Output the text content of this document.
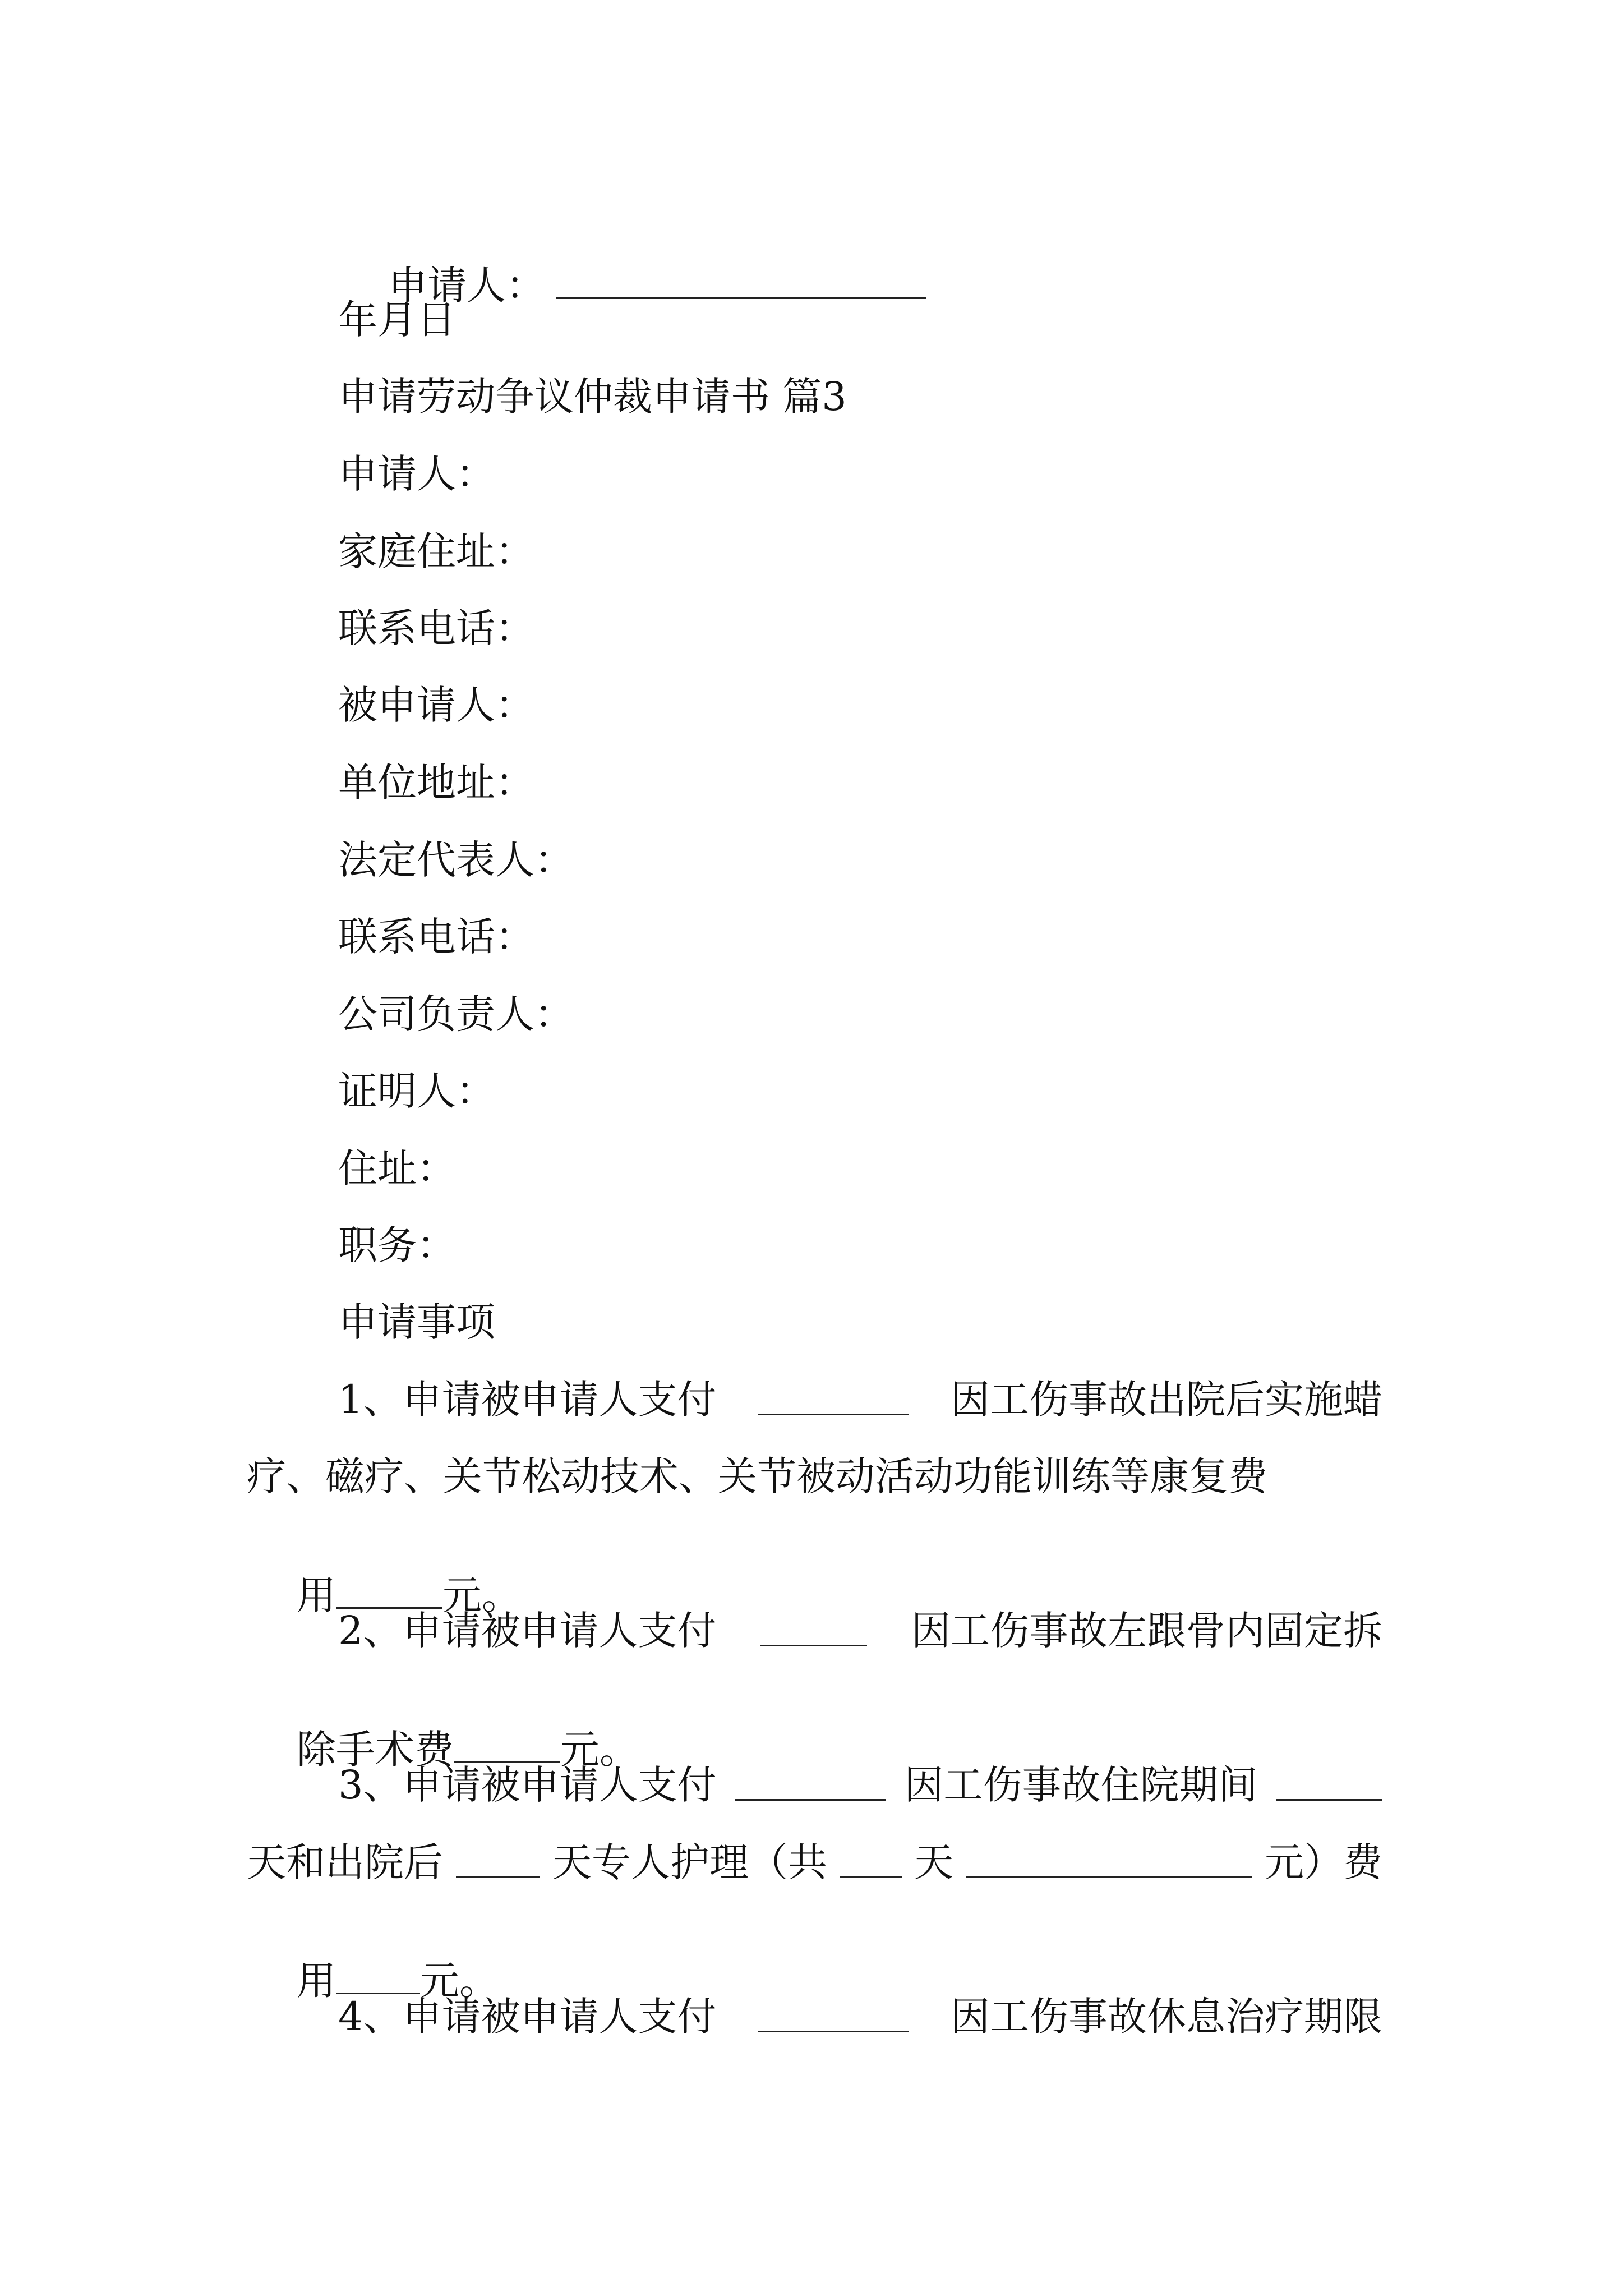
申请人：

年月日
申请劳动争议仲裁申请书 篇3
申请人：
家庭住址：
联系电话：
被申请人：
单位地址：
法定代表人：
联系电话：
公司负责人：
证明人：
住址：
职务：
申请事项
1、申请被申请人支付	因工伤事故出院后实施蜡
疗、磁疗、关节松动技术、关节被动活动功能训练等康复费

用	元。

2、申请被申请人支付	因工伤事故左跟骨内固定拆

除手术费	元。

3、申请被申请人支付	因工伤事故住院期间
天和出院后	天专人护理（共 天	元）费

用 元。

4、申请被申请人支付	因工伤事故休息治疗期限
